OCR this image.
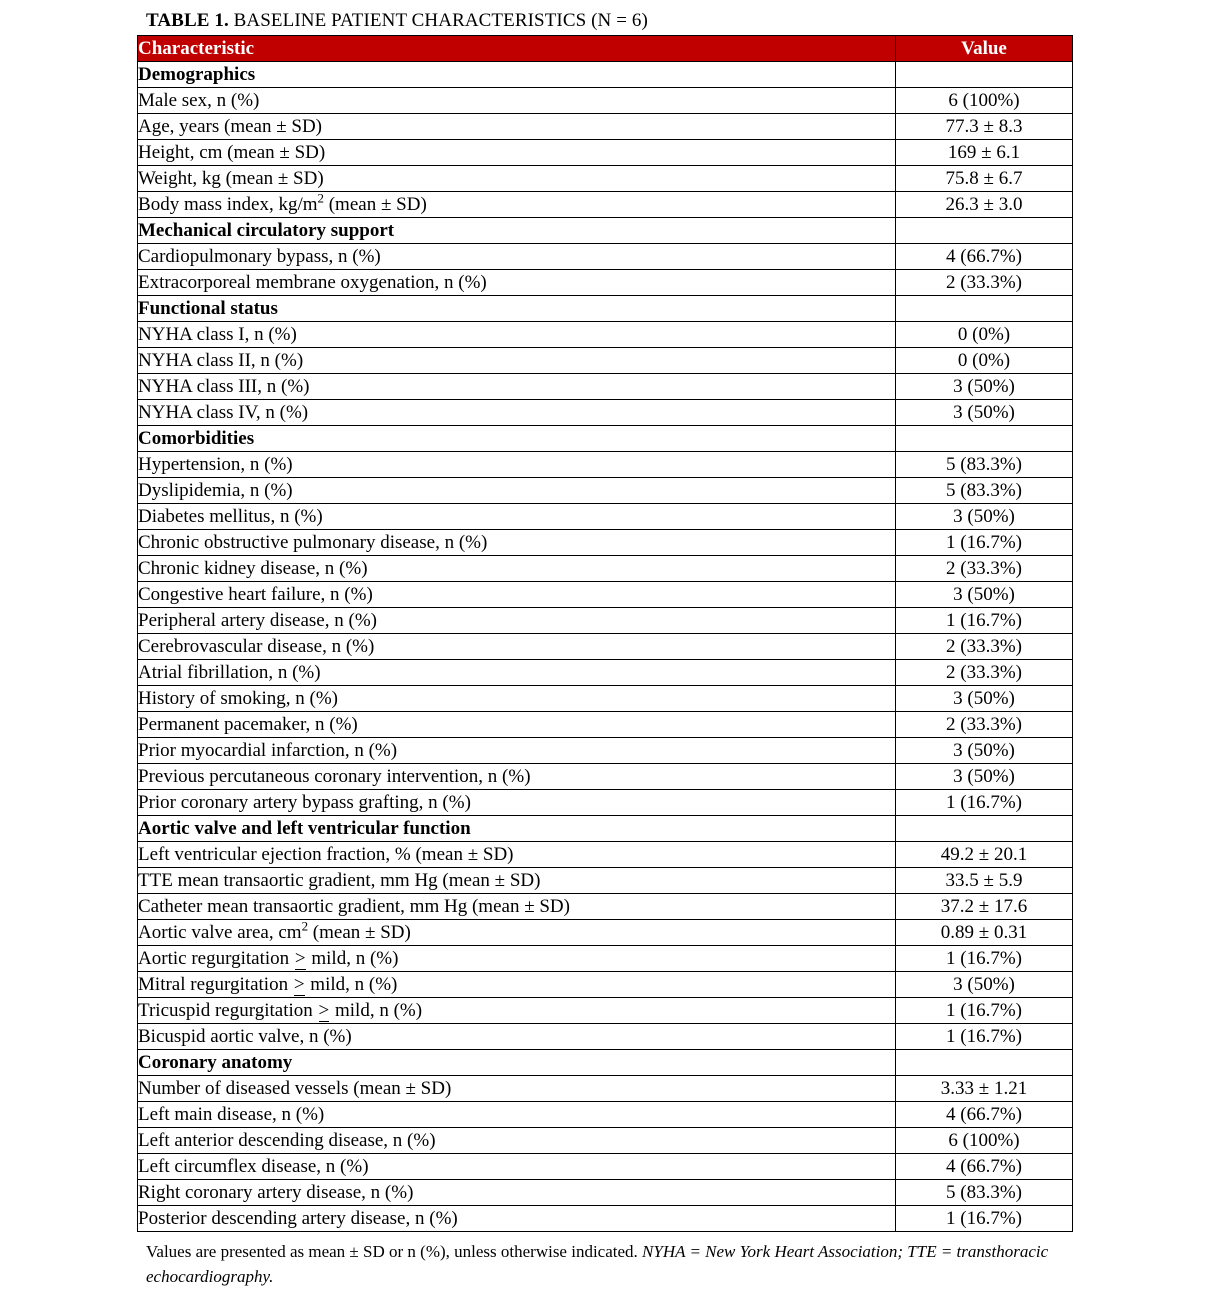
TABLE 1. BASELINE PATIENT CHARACTERISTICS (N = 6)
Characteristic	Value
Demographics	
Male sex, n (%)	6 (100%)
Age, years (mean ± SD)	77.3 ± 8.3
Height, cm (mean ± SD)	169 ± 6.1
Weight, kg (mean ± SD)	75.8 ± 6.7
Body mass index, $kg/m^2$ (mean ± SD)	26.3 ± 3.0
Mechanical circulatory support	
Cardiopulmonary bypass, n (%)	4 (66.7%)
Extracorporeal membrane oxygenation, n (%)	2 (33.3%)
Functional status	
NYHA class I, n (%)	0 (0%)
NYHA class II, n (%)	0 (0%)
NYHA class III, n (%)	3 (50%)
NYHA class IV, n (%)	3 (50%)
Comorbidities	
Hypertension, n (%)	5 (83.3%)
Dyslipidemia, n (%)	5 (83.3%)
Diabetes mellitus, n (%)	3 (50%)
Chronic obstructive pulmonary disease, n (%)	1 (16.7%)
Chronic kidney disease, n (%)	2 (33.3%)
Congestive heart failure, n (%)	3 (50%)
Peripheral artery disease, n (%)	1 (16.7%)
Cerebrovascular disease, n (%)	2 (33.3%)
Atrial fibrillation, n (%)	2 (33.3%)
History of smoking, n (%)	3 (50%)
Permanent pacemaker, n (%)	2 (33.3%)
Prior myocardial infarction, n (%)	3 (50%)
Previous percutaneous coronary intervention, n (%)	3 (50%)
Prior coronary artery bypass grafting, n (%)	1 (16.7%)
Aortic valve and left ventricular function	
Left ventricular ejection fraction, % (mean ± SD)	49.2 ± 20.1
TTE mean transaortic gradient, mm Hg (mean ± SD)	33.5 ± 5.9
Catheter mean transaortic gradient, mm Hg (mean ± SD)	37.2 ± 17.6
Aortic valve area, $cm^2$ (mean ± SD)	0.89 ± 0.31
Aortic regurgitation > mild, n (%)	1 (16.7%)
Mitral regurgitation > mild, n (%)	3 (50%)
Tricuspid regurgitation > mild, n (%)	1 (16.7%)
Bicuspid aortic valve, n (%)	1 (16.7%)
Coronary anatomy	
Number of diseased vessels (mean ± SD)	3.33 ± 1.21
Left main disease, n (%)	4 (66.7%)
Left anterior descending disease, n (%)	6 (100%)
Left circumflex disease, n (%)	4 (66.7%)
Right coronary artery disease, n (%)	5 (83.3%)
Posterior descending artery disease, n (%)	1 (16.7%)
Values are presented as mean ± SD or n (%), unless otherwise indicated. NYHA = New York Heart Association; TTE = transthoracic echocardiography.
